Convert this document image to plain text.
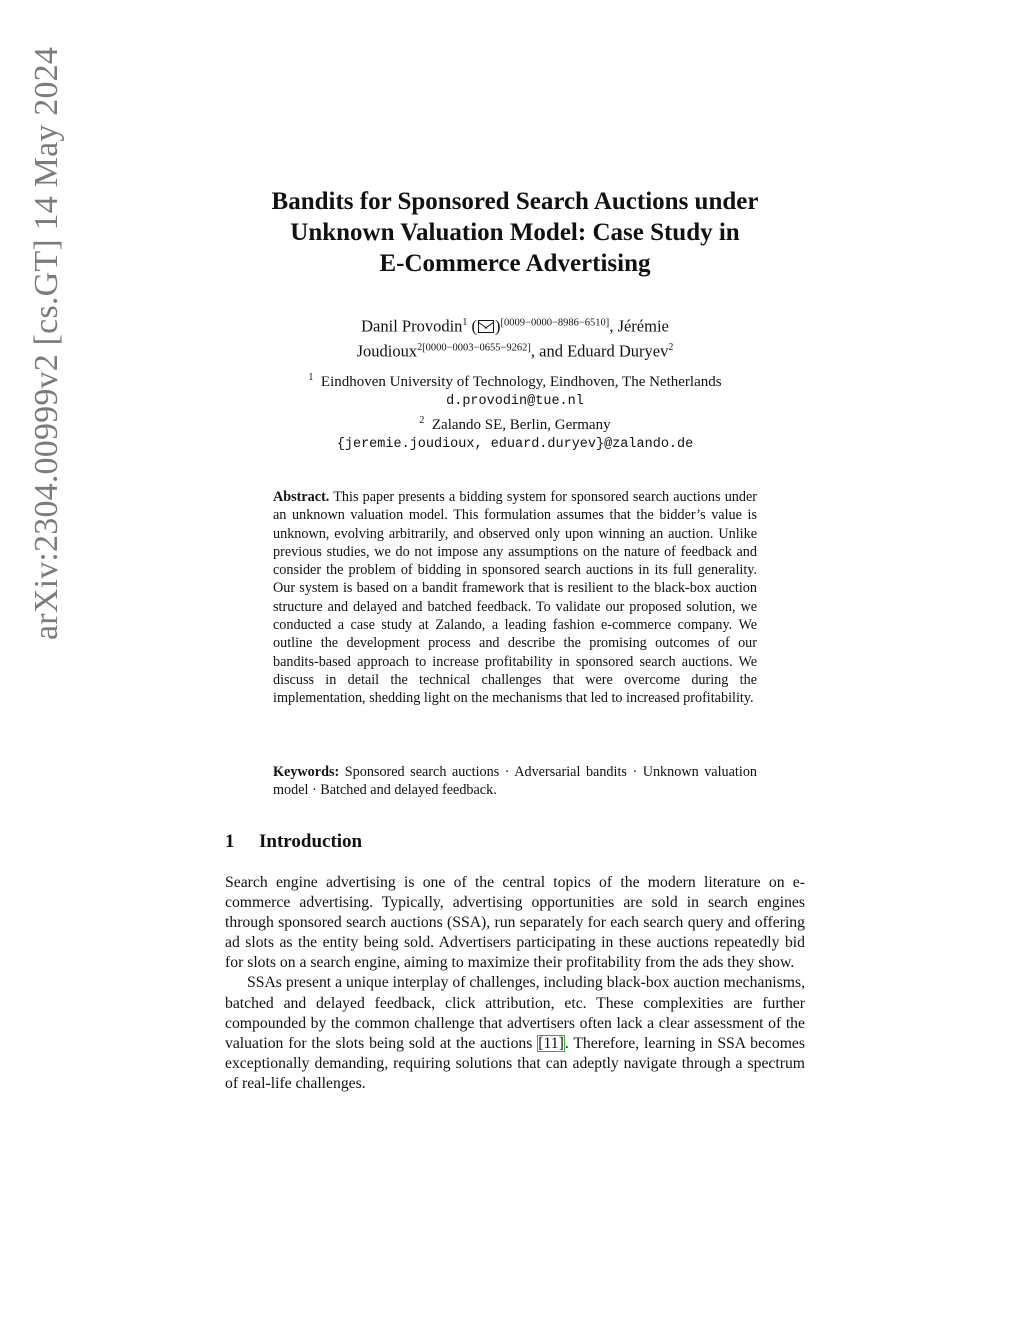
arXiv:2304.00999v2 [cs.GT] 14 May 2024	Bandits for Sponsored Search Auctions under
Unknown Valuation Model: Case Study in
E-Commerce Advertising
Danil Provodin$^1$ ( )[0009−0000−8986−6510], Jérémie
Joudioux$^{2[0000-0003-0655-9262]}$, and Eduard Duryev$^2$
$^1$ Eindhoven University of Technology, Eindhoven, The Netherlands
d.provodin@tue.nl
$^2$ Zalando SE, Berlin, Germany
{jeremie.joudioux, eduard.duryev}@zalando.de
Abstract. This paper presents a bidding system for sponsored search auctions under an unknown valuation model. This formulation assumes that the bidder’s value is unknown, evolving arbitrarily, and observed only upon winning an auction. Unlike previous studies, we do not impose any assumptions on the nature of feedback and consider the problem of bidding in sponsored search auctions in its full generality. Our system is based on a bandit framework that is resilient to the black-box auction structure and delayed and batched feedback. To validate our proposed solution, we conducted a case study at Zalando, a leading fashion e-commerce company. We outline the development process and describe the promising outcomes of our bandits-based approach to increase profitability in sponsored search auctions. We discuss in detail the technical challenges that were overcome during the implementation, shedding light on the mechanisms that led to increased profitability.
Keywords: Sponsored search auctions · Adversarial bandits · Unknown valuation model · Batched and delayed feedback.
1 Introduction

Search engine advertising is one of the central topics of the modern literature on e-commerce advertising. Typically, advertising opportunities are sold in search engines through sponsored search auctions (SSA), run separately for each search query and offering ad slots as the entity being sold. Advertisers participating in these auctions repeatedly bid for slots on a search engine, aiming to maximize their profitability from the ads they show.

SSAs present a unique interplay of challenges, including black-box auction mechanisms, batched and delayed feedback, click attribution, etc. These complexities are further compounded by the common challenge that advertisers often lack a clear assessment of the valuation for the slots being sold at the auctions [11]. Therefore, learning in SSA becomes exceptionally demanding, requiring solutions that can adeptly navigate through a spectrum of real-life challenges.
